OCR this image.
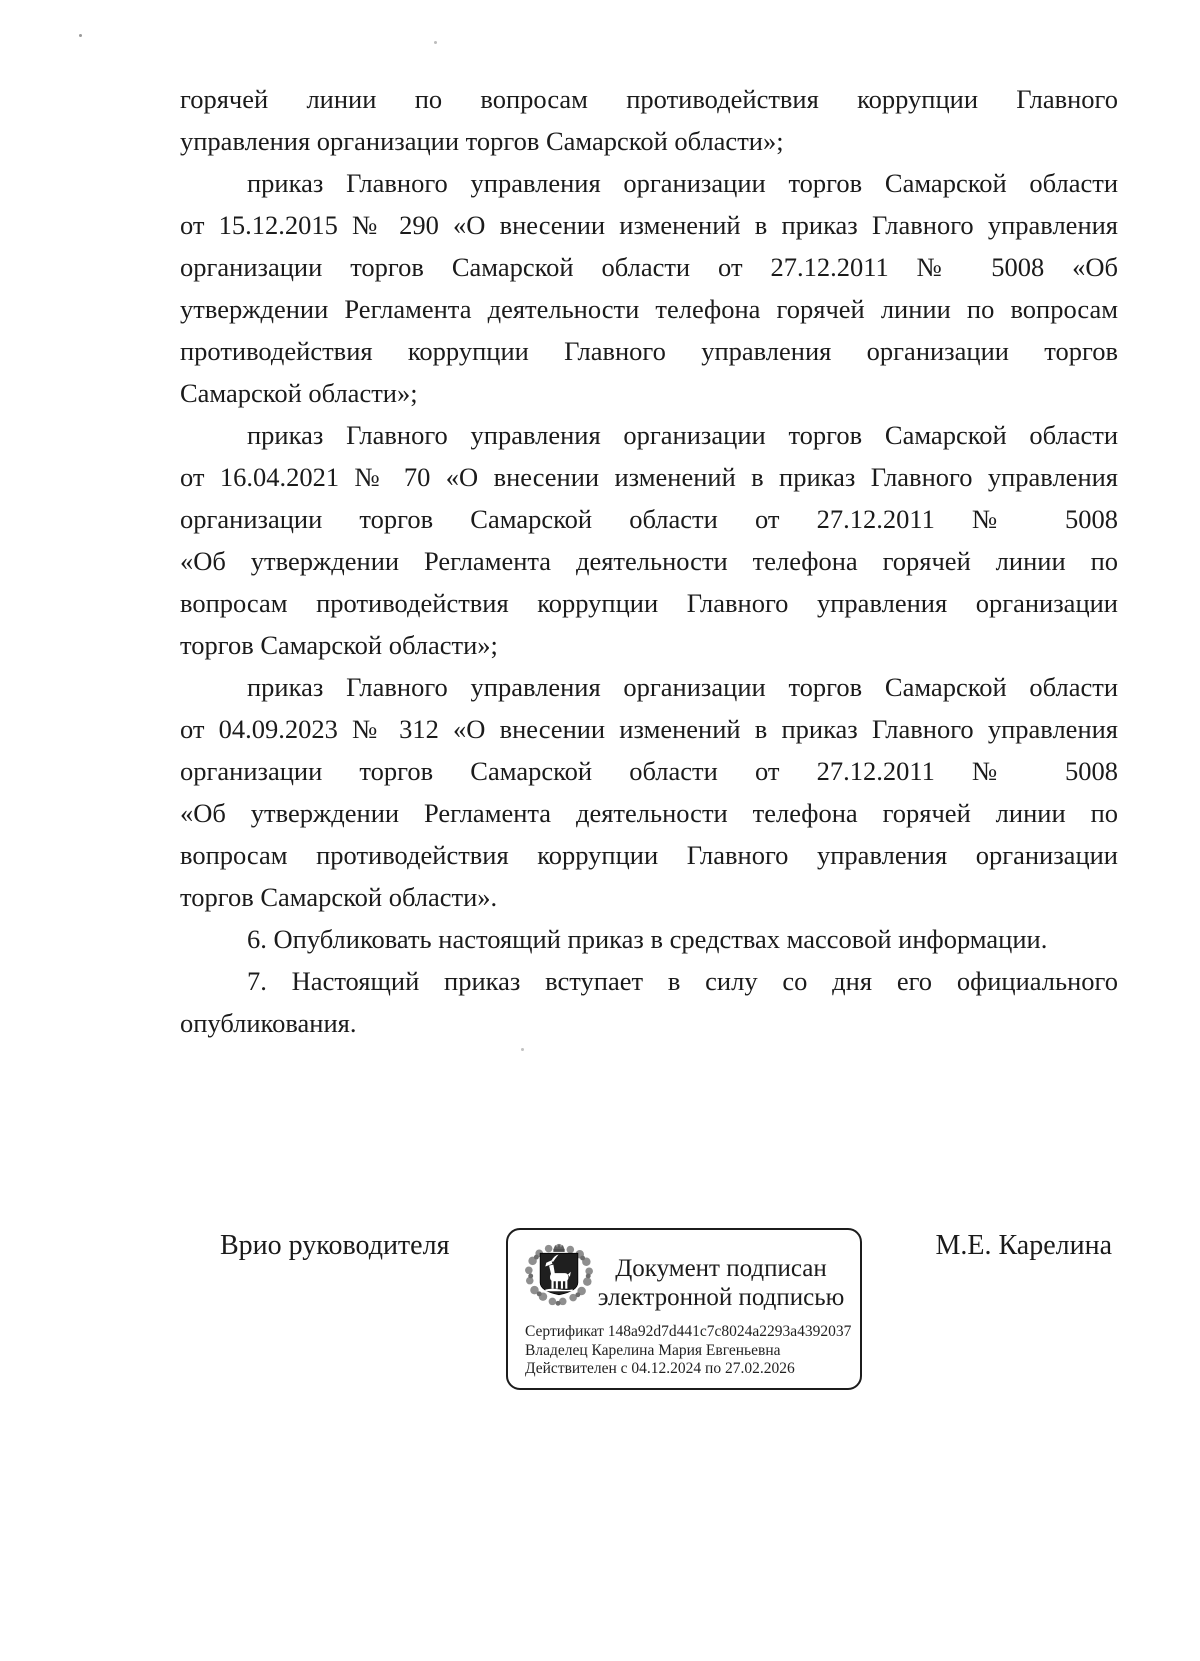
горячей линии по вопросам противодействия коррупции Главного
управления организации торгов Самарской области»;
приказ Главного управления организации торгов Самарской области
от 15.12.2015 № 290 «О внесении изменений в приказ Главного управления
организации торгов Самарской области от 27.12.2011 № 5008 «Об
утверждении Регламента деятельности телефона горячей линии по вопросам
противодействия коррупции Главного управления организации торгов
Самарской области»;
приказ Главного управления организации торгов Самарской области
от 16.04.2021 № 70 «О внесении изменений в приказ Главного управления
организации торгов Самарской области от 27.12.2011 № 5008
«Об утверждении Регламента деятельности телефона горячей линии по
вопросам противодействия коррупции Главного управления организации
торгов Самарской области»;
приказ Главного управления организации торгов Самарской области
от 04.09.2023 № 312 «О внесении изменений в приказ Главного управления
организации торгов Самарской области от 27.12.2011 № 5008
«Об утверждении Регламента деятельности телефона горячей линии по
вопросам противодействия коррупции Главного управления организации
торгов Самарской области».
6. Опубликовать настоящий приказ в средствах массовой информации.
7. Настоящий приказ вступает в силу со дня его официального
опубликования.
Врио руководителя	М.Е. Карелина
Документ подписан
электронной подписью
Сертификат 148a92d7d441c7c8024a2293a4392037
Владелец Карелина Мария Евгеньевна
Действителен с 04.12.2024 по 27.02.2026
